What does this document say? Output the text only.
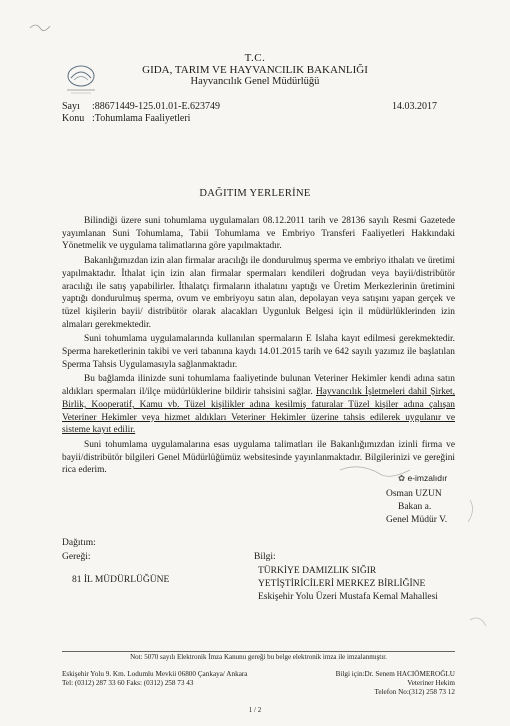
T.C.
GIDA, TARIM VE HAYVANCILIK BAKANLIĞI
Hayvancılık Genel Müdürlüğü
Sayı :88671449-125.01.01-E.623749	14.03.2017
Konu :Tohumlama Faaliyetleri
DAĞITIM YERLERİNE

Bilindiği üzere suni tohumlama uygulamaları 08.12.2011 tarih ve 28136 sayılı Resmi Gazetede yayımlanan Suni Tohumlama, Tabii Tohumlama ve Embriyo Transferi Faaliyetleri Hakkındaki Yönetmelik ve uygulama talimatlarına göre yapılmaktadır.

Bakanlığımızdan izin alan firmalar aracılığı ile dondurulmuş sperma ve embriyo ithalatı ve üretimi yapılmaktadır. İthalat için izin alan firmalar spermaları kendileri doğrudan veya bayii/distribütör aracılığı ile satış yapabilirler. İthalatçı firmaların ithalatını yaptığı ve Üretim Merkezlerinin üretimini yaptığı dondurulmuş sperma, ovum ve embriyoyu satın alan, depolayan veya satışını yapan gerçek ve tüzel kişilerin bayii/ distribütör olarak alacakları Uygunluk Belgesi için il müdürlüklerinden izin almaları gerekmektedir.

Suni tohumlama uygulamalarında kullanılan spermaların E Islaha kayıt edilmesi gerekmektedir. Sperma hareketlerinin takibi ve veri tabanına kaydı 14.01.2015 tarih ve 642 sayılı yazımız ile başlatılan Sperma Tahsis Uygulamasıyla sağlanmaktadır.

Bu bağlamda ilinizde suni tohumlama faaliyetinde bulunan Veteriner Hekimler kendi adına satın aldıkları spermaları il/ilçe müdürlüklerine bildirir tahsisini sağlar. Hayvancılık İşletmeleri dahil Şirket, Birlik, Kooperatif, Kamu vb. Tüzel kişilikler adına kesilmiş faturalar Tüzel kişiler adına çalışan Veteriner Hekimler veya hizmet aldıkları Veteriner Hekimler üzerine tahsis edilerek uygulanır ve sisteme kayıt edilir.

Suni tohumlama uygulamalarına esas uygulama talimatları ile Bakanlığımızdan izinli firma ve bayii/distribütör bilgileri Genel Müdürlüğümüz websitesinde yayınlanmaktadır. Bilgilerinizi ve gereğini rica ederim.

✿ e-imzalıdır
Osman UZUN
Bakan a.
Genel Müdür V.
Dağıtım:
Gereği:
81 İL MÜDÜRLÜĞÜNE
Bilgi:
TÜRKİYE DAMIZLIK SIĞIR
YETİŞTİRİCİLERİ MERKEZ BİRLİĞİNE
Eskişehir Yolu Üzeri Mustafa Kemal Mahallesi
Not: 5070 sayılı Elektronik İmza Kanunu gereği bu belge elektronik imza ile imzalanmıştır.
Eskişehir Yolu 9. Km. Lodumlu Mevkii 06800 Çankaya/ Ankara
Tel: (0312) 287 33 60 Faks: (0312) 258 73 43
Bilgi için:Dr. Senem HACIÖMEROĞLU
Veteriner Hekim
Telefon No:(312) 258 73 12
1 / 2
